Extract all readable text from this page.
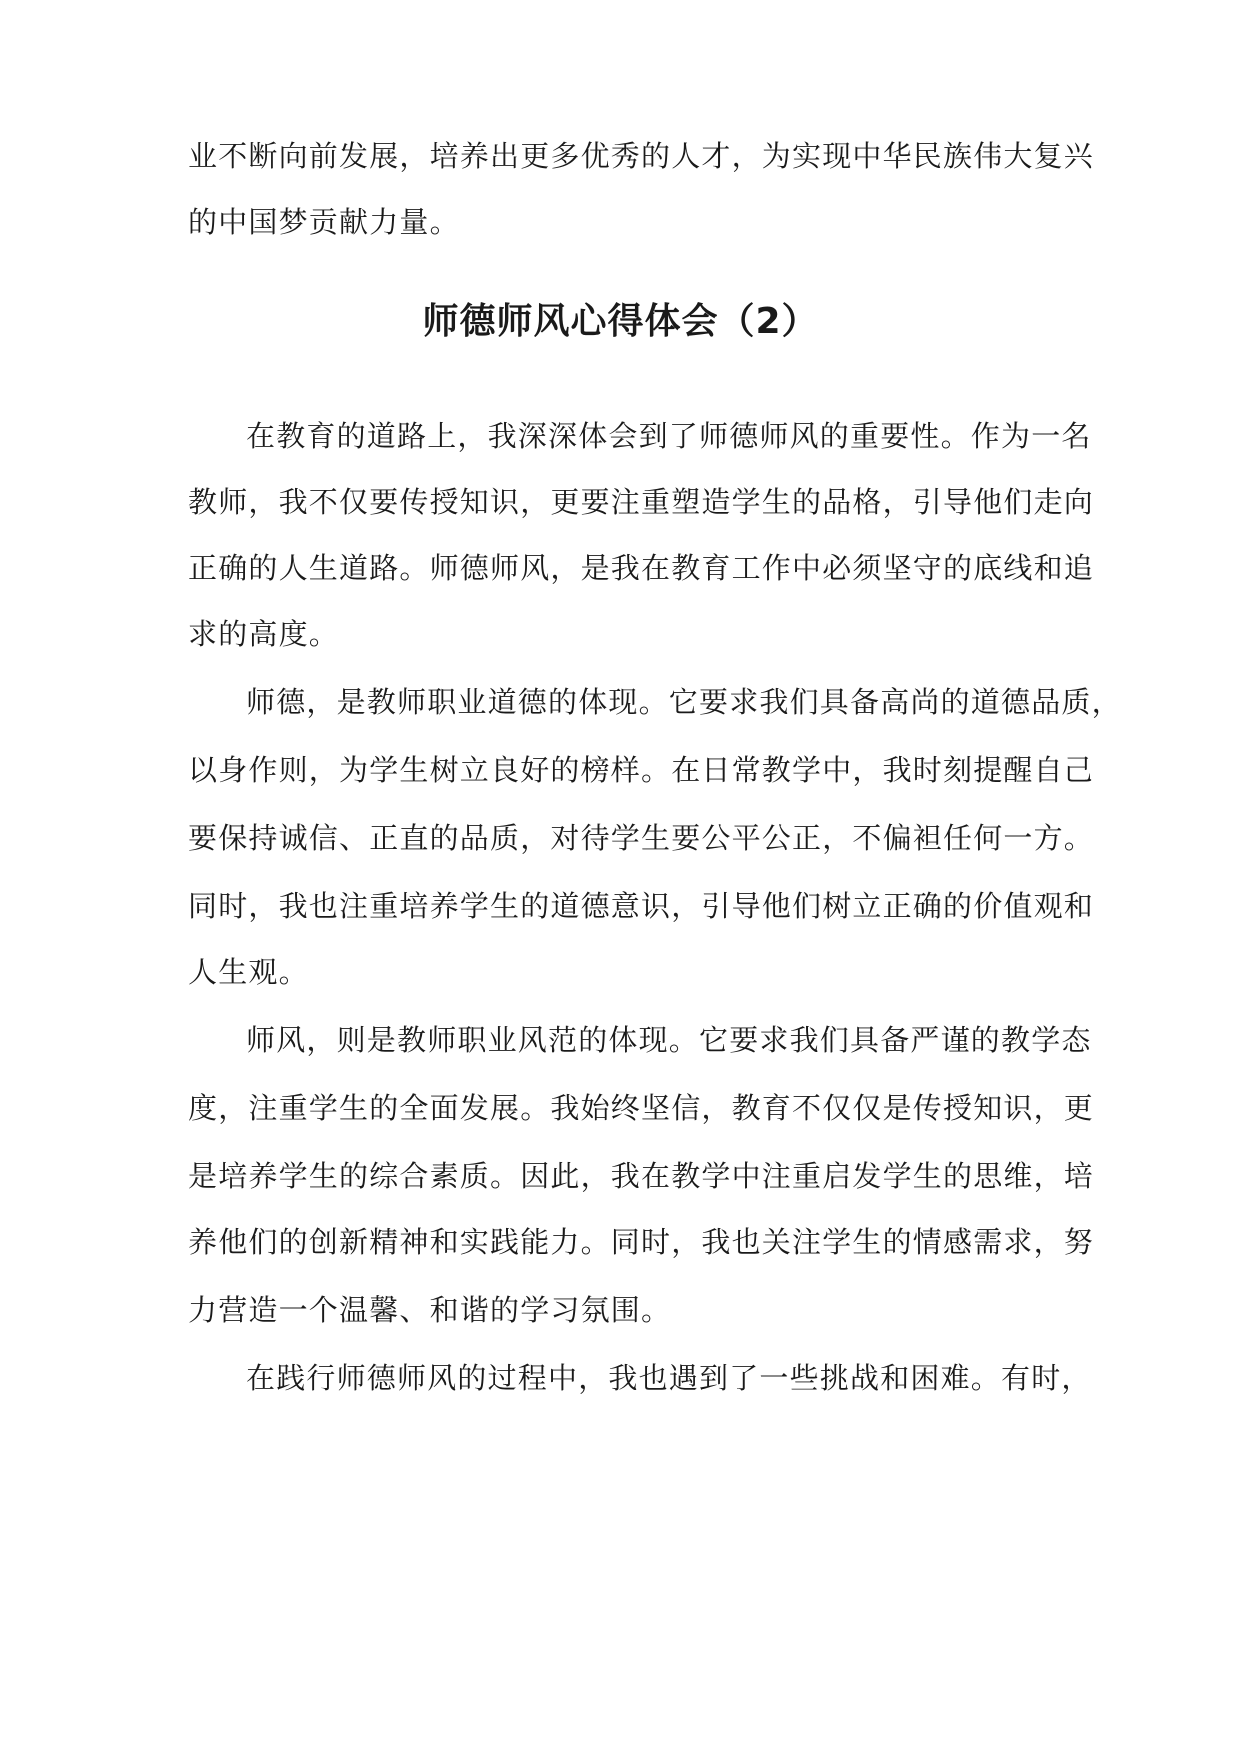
业不断向前发展，培养出更多优秀的人才，为实现中华民族伟大复兴
的中国梦贡献力量。
师德师风心得体会（2）
在教育的道路上，我深深体会到了师德师风的重要性。作为一名
教师，我不仅要传授知识，更要注重塑造学生的品格，引导他们走向
正确的人生道路。师德师风，是我在教育工作中必须坚守的底线和追
求的高度。
师德，是教师职业道德的体现。它要求我们具备高尚的道德品质，
以身作则，为学生树立良好的榜样。在日常教学中，我时刻提醒自己
要保持诚信、正直的品质，对待学生要公平公正，不偏袒任何一方。
同时，我也注重培养学生的道德意识，引导他们树立正确的价值观和
人生观。
师风，则是教师职业风范的体现。它要求我们具备严谨的教学态
度，注重学生的全面发展。我始终坚信，教育不仅仅是传授知识，更
是培养学生的综合素质。因此，我在教学中注重启发学生的思维，培
养他们的创新精神和实践能力。同时，我也关注学生的情感需求，努
力营造一个温馨、和谐的学习氛围。
在践行师德师风的过程中，我也遇到了一些挑战和困难。有时，
